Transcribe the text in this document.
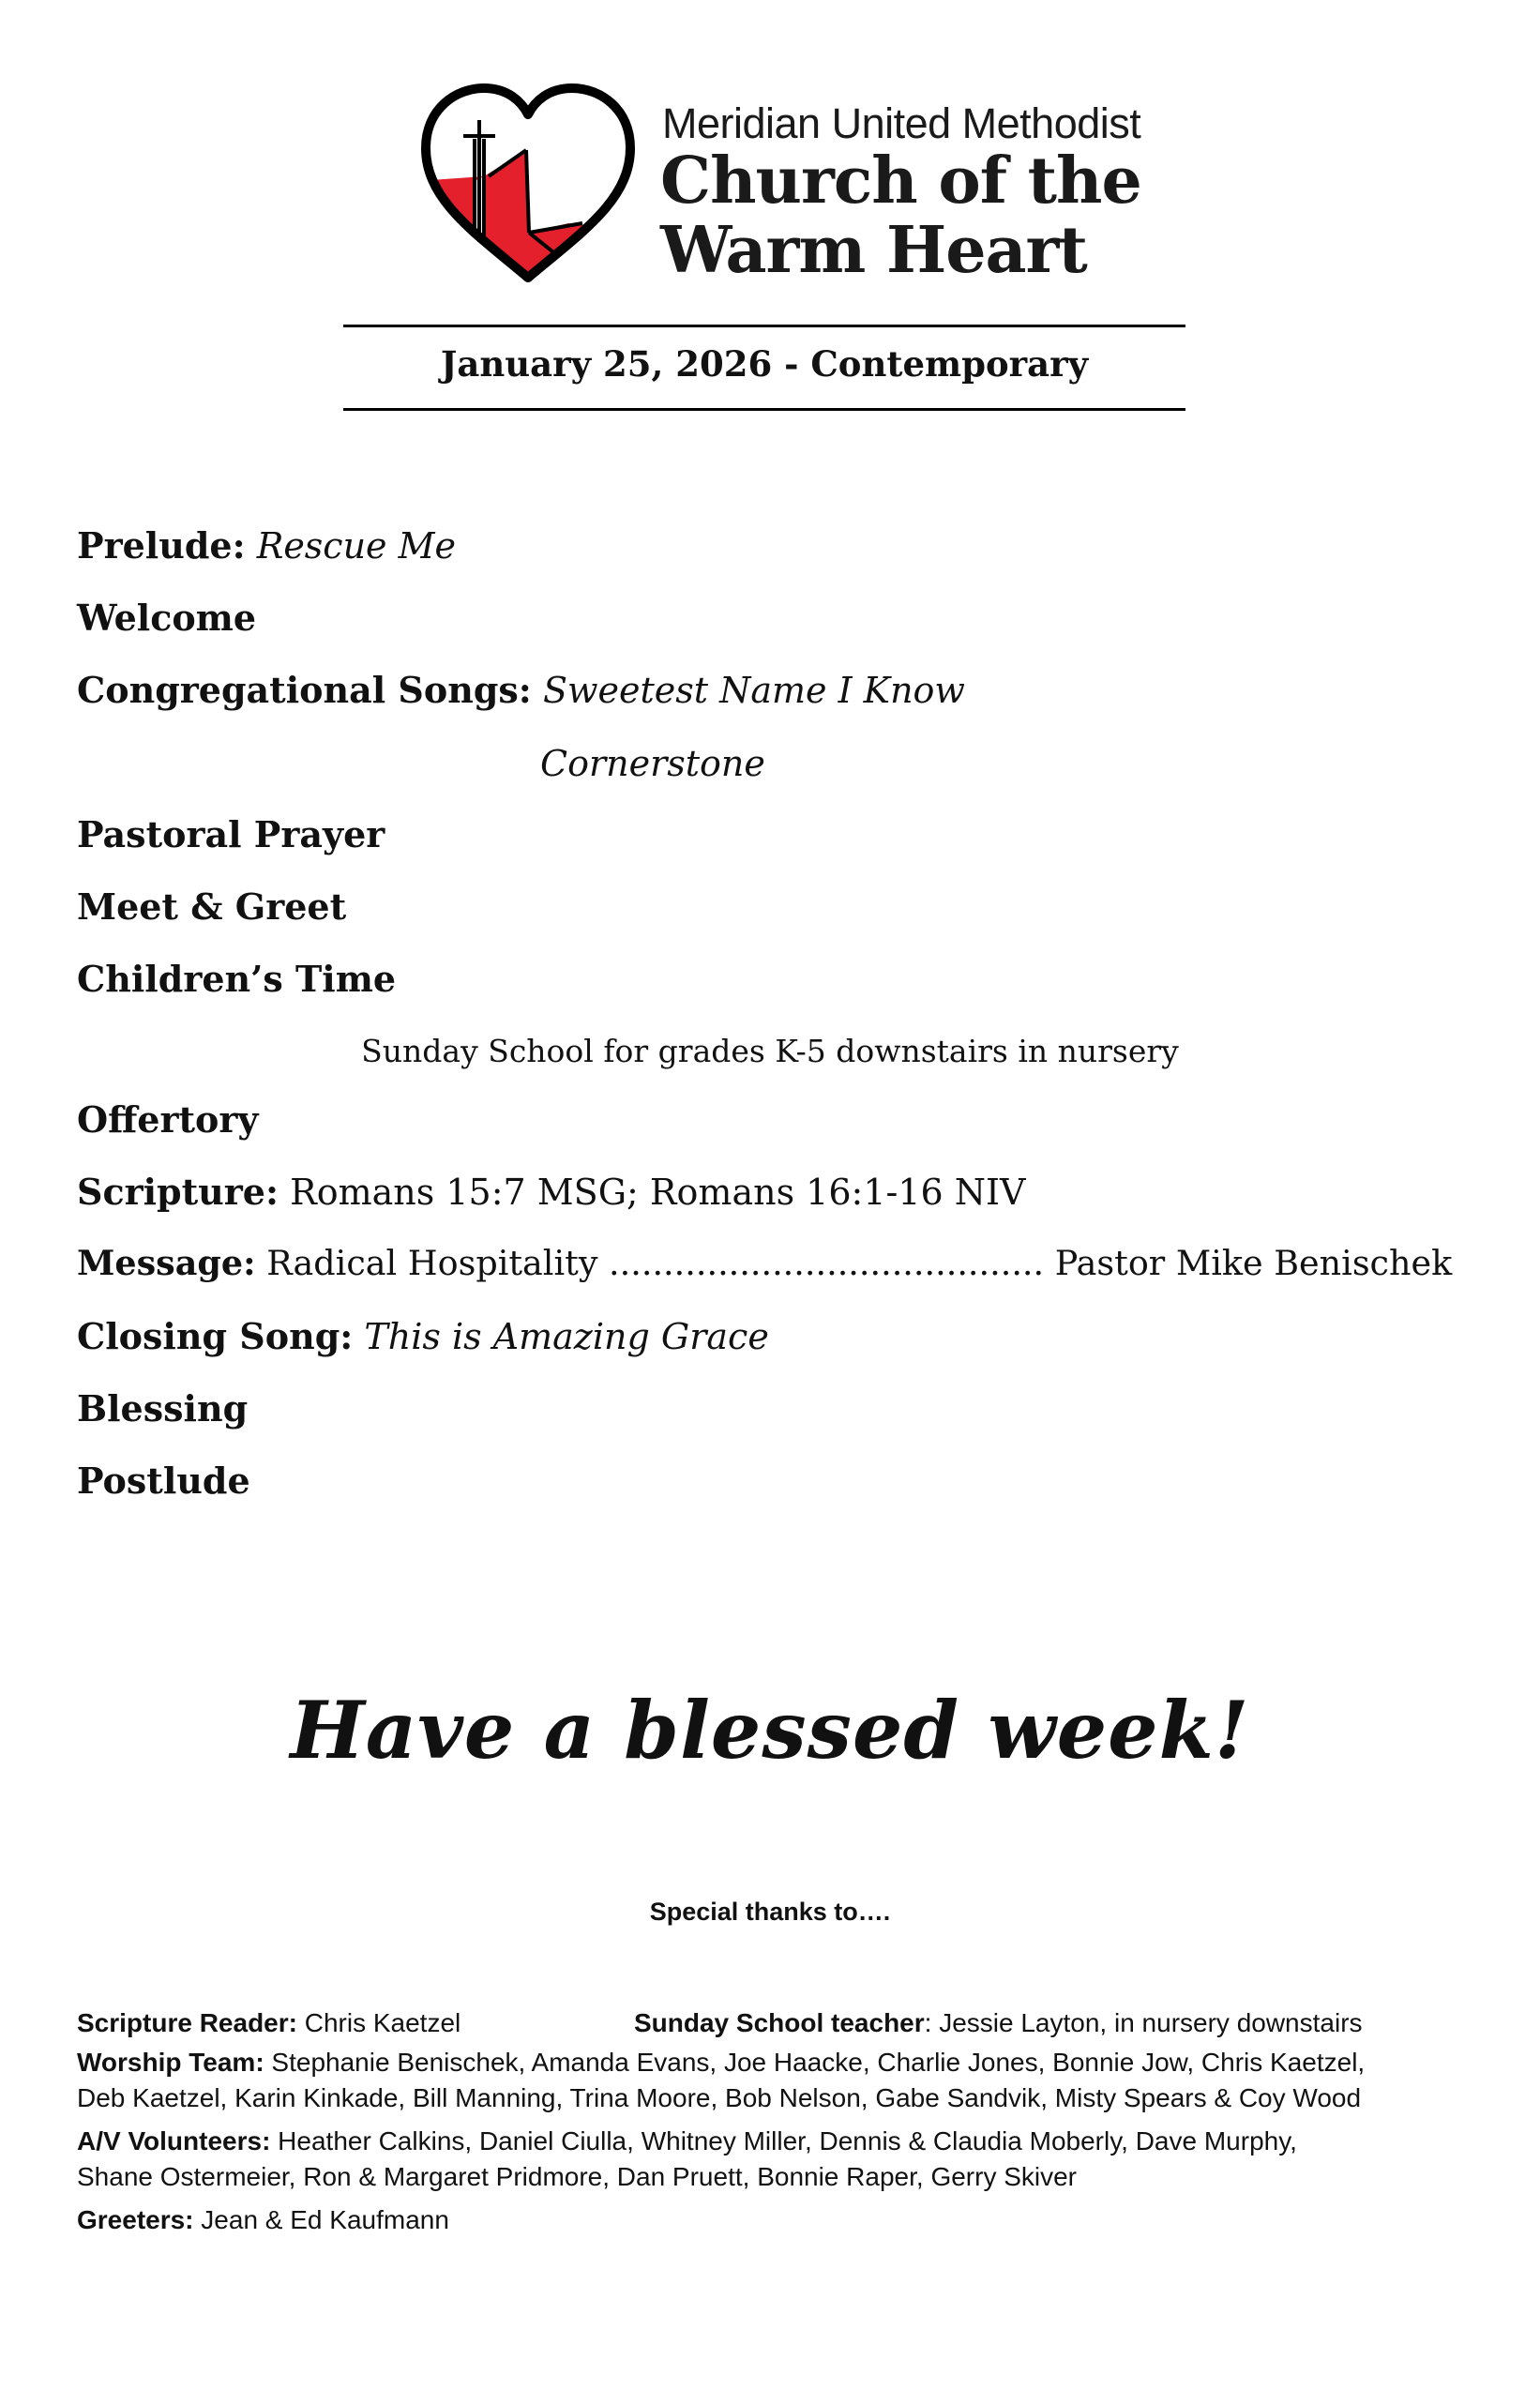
Meridian United Methodist
Church of the
Warm Heart
January 25, 2026 - Contemporary
Prelude: Rescue Me
Welcome
Congregational Songs: Sweetest Name I Know
Cornerstone
Pastoral Prayer
Meet & Greet
Children’s Time
Sunday School for grades K-5 downstairs in nursery
Offertory
Scripture: Romans 15:7 MSG; Romans 16:1-16 NIV
Message: Radical Hospitality ........................................ Pastor Mike Benischek
Closing Song: This is Amazing Grace
Blessing
Postlude
Have a blessed week!
Special thanks to….
Scripture Reader: Chris Kaetzel	Sunday School teacher: Jessie Layton, in nursery downstairs
Worship Team: Stephanie Benischek, Amanda Evans, Joe Haacke, Charlie Jones, Bonnie Jow, Chris Kaetzel,
Deb Kaetzel, Karin Kinkade, Bill Manning, Trina Moore, Bob Nelson, Gabe Sandvik, Misty Spears & Coy Wood
A/V Volunteers: Heather Calkins, Daniel Ciulla, Whitney Miller, Dennis & Claudia Moberly, Dave Murphy,
Shane Ostermeier, Ron & Margaret Pridmore, Dan Pruett, Bonnie Raper, Gerry Skiver
Greeters: Jean & Ed Kaufmann
